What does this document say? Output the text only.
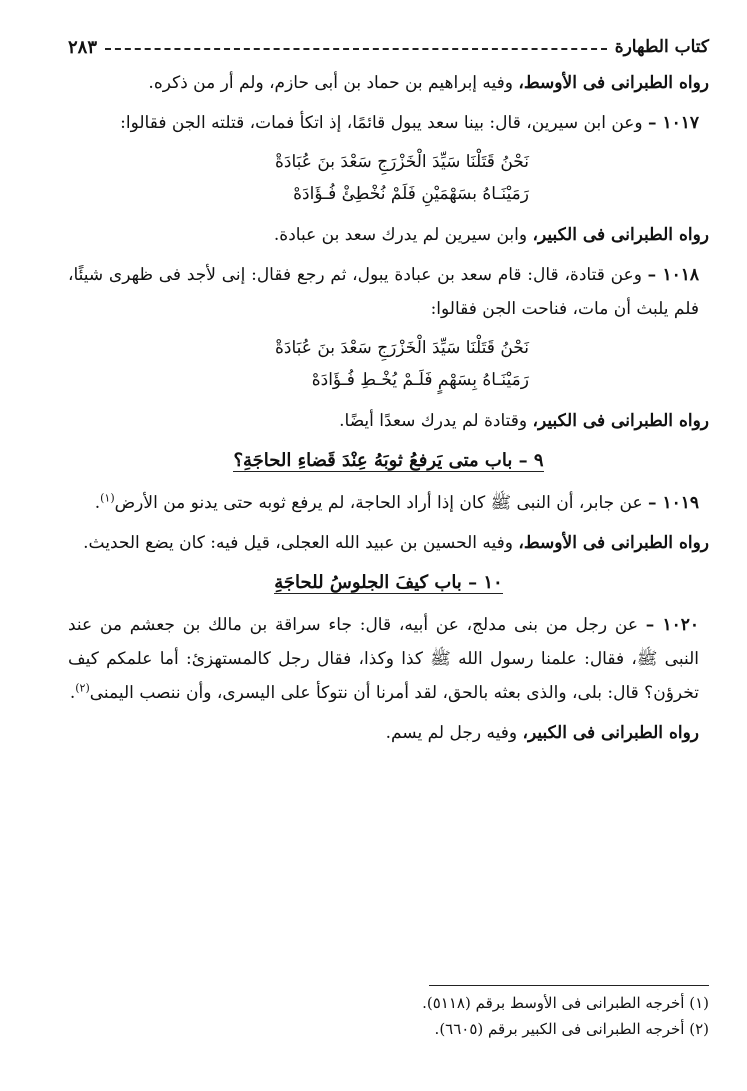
كتاب الطهارة
٢٨٣

رواه الطبرانى فى الأوسط، وفيه إبراهيم بن حماد بن أبى حازم، ولم أر من ذكره.

١٠١٧ – وعن ابن سيرين، قال: بينا سعد يبول قائمًا، إذ اتكأ فمات، قتلته الجن فقالوا:

نَحْنُ قَتَلْنَا سَيِّدَ الْخَزْرَجِ سَعْدَ بنَ عُبَادَةْ
رَمَيْنَـاهُ بسَهْمَيْنِ فَلَمْ نُخْطِئْ فُـؤَادَهْ

رواه الطبرانى فى الكبير، وابن سيرين لم يدرك سعد بن عبادة.

١٠١٨ – وعن قتادة، قال: قام سعد بن عبادة يبول، ثم رجع فقال: إنى لأجد فى ظهرى شيئًا، فلم يلبث أن مات، فناحت الجن فقالوا:

نَحْنُ قَتَلْنَا سَيِّدَ الْخَزْرَجِ سَعْدَ بنَ عُبَادَةْ
رَمَيْنَـاهُ بِسَهْمٍ فَلَـمْ يُخْـطِ فُـؤَادَهْ

رواه الطبرانى فى الكبير، وقتادة لم يدرك سعدًا أيضًا.

٩ – باب متى يَرفعُ ثوبَهُ عِنْدَ قَضاءِ الحاجَةِ؟

١٠١٩ – عن جابر، أن النبى ﷺ كان إذا أراد الحاجة، لم يرفع ثوبه حتى يدنو من الأرض$^{(١)}$.

رواه الطبرانى فى الأوسط، وفيه الحسين بن عبيد الله العجلى، قيل فيه: كان يضع الحديث.

١٠ – باب كيفَ الجلوسُ للحاجَةِ

١٠٢٠ – عن رجل من بنى مدلج، عن أبيه، قال: جاء سراقة بن مالك بن جعشم من عند النبى ﷺ، فقال: علمنا رسول الله ﷺ كذا وكذا، فقال رجل كالمستهزئ: أما علمكم كيف تخرؤن؟ قال: بلى، والذى بعثه بالحق، لقد أمرنا أن نتوكأ على اليسرى، وأن ننصب اليمنى$^{(٢)}$.

رواه الطبرانى فى الكبير، وفيه رجل لم يسم.

(١) أخرجه الطبرانى فى الأوسط برقم (٥١١٨).
(٢) أخرجه الطبرانى فى الكبير برقم (٦٦٠٥).
